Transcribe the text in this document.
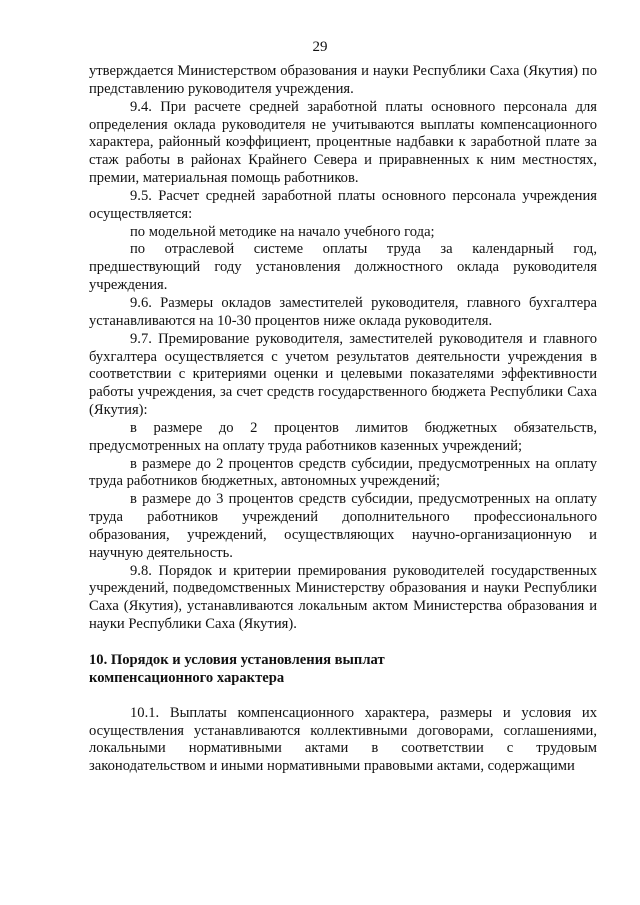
29

утверждается Министерством образования и науки Республики Саха (Якутия) по представлению руководителя учреждения.

9.4. При расчете средней заработной платы основного персонала для определения оклада руководителя не учитываются выплаты компенсационного характера, районный коэффициент, процентные надбавки к заработной плате за стаж работы в районах Крайнего Севера и приравненных к ним местностях, премии, материальная помощь работников.

9.5. Расчет средней заработной платы основного персонала учреждения осуществляется:

по модельной методике на начало учебного года;

по отраслевой системе оплаты труда за календарный год, предшествующий году установления должностного оклада руководителя учреждения.

9.6. Размеры окладов заместителей руководителя, главного бухгалтера устанавливаются на 10-30 процентов ниже оклада руководителя.

9.7. Премирование руководителя, заместителей руководителя и главного бухгалтера осуществляется с учетом результатов деятельности учреждения в соответствии с критериями оценки и целевыми показателями эффективности работы учреждения, за счет средств государственного бюджета Республики Саха (Якутия):

в размере до 2 процентов лимитов бюджетных обязательств, предусмотренных на оплату труда работников казенных учреждений;

в размере до 2 процентов средств субсидии, предусмотренных на оплату труда работников бюджетных, автономных учреждений;

в размере до 3 процентов средств субсидии, предусмотренных на оплату труда работников учреждений дополнительного профессионального образования, учреждений, осуществляющих научно-организационную и научную деятельность.

9.8. Порядок и критерии премирования руководителей государственных учреждений, подведомственных Министерству образования и науки Республики Саха (Якутия), устанавливаются локальным актом Министерства образования и науки Республики Саха (Якутия).

10. Порядок и условия установления выплат
компенсационного характера

10.1. Выплаты компенсационного характера, размеры и условия их осуществления устанавливаются коллективными договорами, соглашениями, локальными нормативными актами в соответствии с трудовым законодательством и иными нормативными правовыми актами, содержащими
